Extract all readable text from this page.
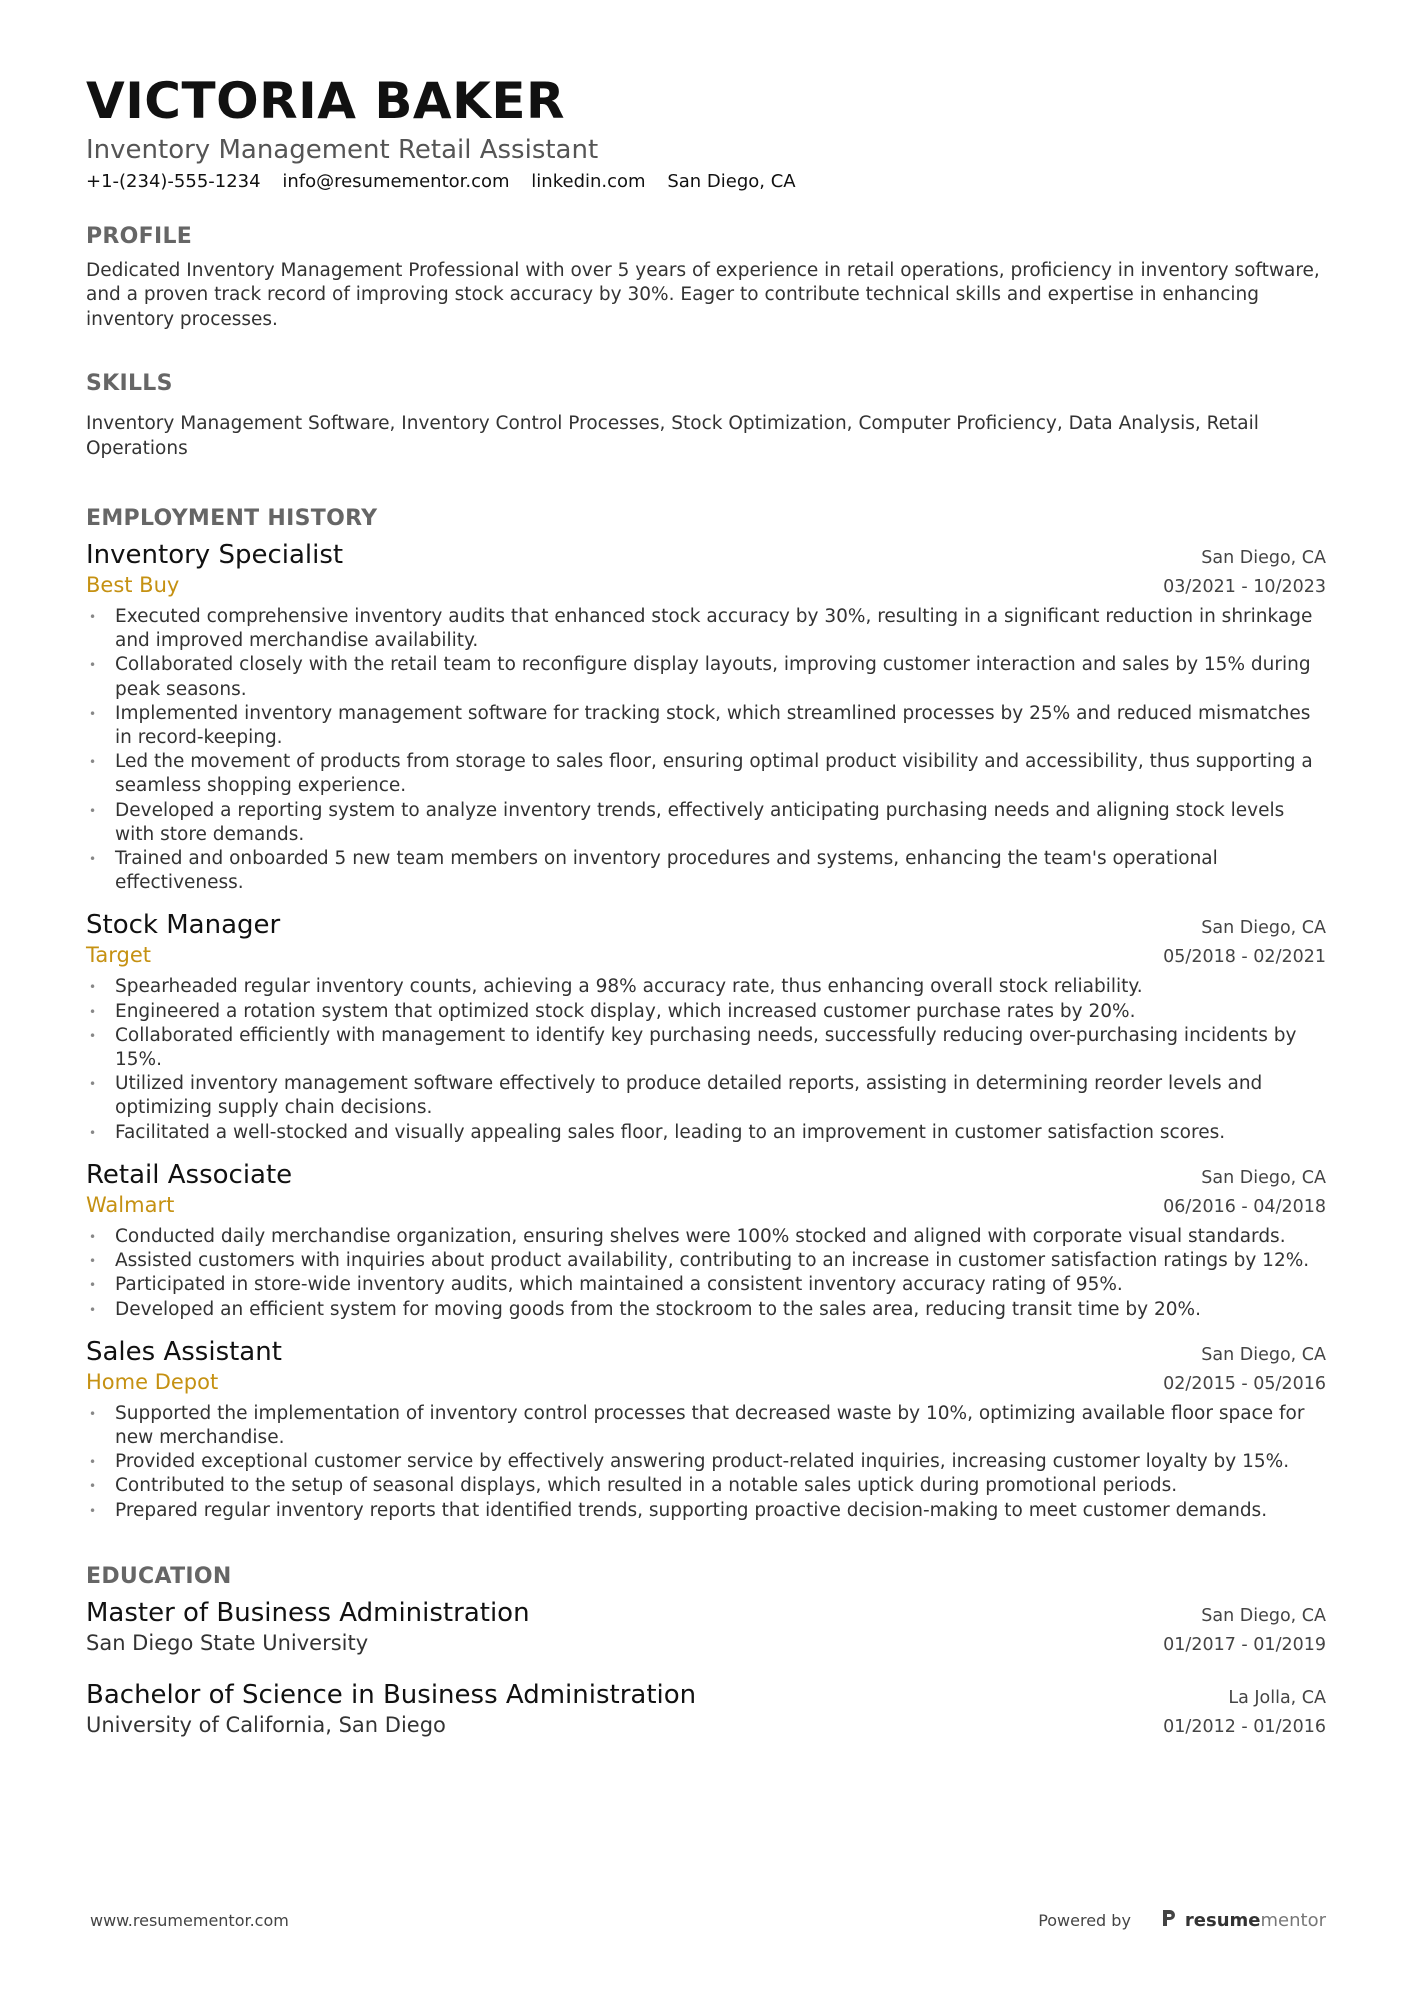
VICTORIA BAKER
Inventory Management Retail Assistant
+1-(234)-555-1234 info@resumementor.com linkedin.com San Diego, CA
PROFILE
Dedicated Inventory Management Professional with over 5 years of experience in retail operations, proficiency in inventory software, and a proven track record of improving stock accuracy by 30%. Eager to contribute technical skills and expertise in enhancing inventory processes.
SKILLS
Inventory Management Software, Inventory Control Processes, Stock Optimization, Computer Proficiency, Data Analysis, Retail Operations
EMPLOYMENT HISTORY
Inventory Specialist	San Diego, CA
Best Buy	03/2021 - 10/2023
• Executed comprehensive inventory audits that enhanced stock accuracy by 30%, resulting in a significant reduction in shrinkage and improved merchandise availability.
• Collaborated closely with the retail team to reconfigure display layouts, improving customer interaction and sales by 15% during peak seasons.
• Implemented inventory management software for tracking stock, which streamlined processes by 25% and reduced mismatches in record-keeping.
• Led the movement of products from storage to sales floor, ensuring optimal product visibility and accessibility, thus supporting a seamless shopping experience.
• Developed a reporting system to analyze inventory trends, effectively anticipating purchasing needs and aligning stock levels with store demands.
• Trained and onboarded 5 new team members on inventory procedures and systems, enhancing the team's operational effectiveness.
Stock Manager	San Diego, CA
Target	05/2018 - 02/2021
• Spearheaded regular inventory counts, achieving a 98% accuracy rate, thus enhancing overall stock reliability.
• Engineered a rotation system that optimized stock display, which increased customer purchase rates by 20%.
• Collaborated efficiently with management to identify key purchasing needs, successfully reducing over-purchasing incidents by 15%.
• Utilized inventory management software effectively to produce detailed reports, assisting in determining reorder levels and optimizing supply chain decisions.
• Facilitated a well-stocked and visually appealing sales floor, leading to an improvement in customer satisfaction scores.
Retail Associate	San Diego, CA
Walmart	06/2016 - 04/2018
• Conducted daily merchandise organization, ensuring shelves were 100% stocked and aligned with corporate visual standards.
• Assisted customers with inquiries about product availability, contributing to an increase in customer satisfaction ratings by 12%.
• Participated in store-wide inventory audits, which maintained a consistent inventory accuracy rating of 95%.
• Developed an efficient system for moving goods from the stockroom to the sales area, reducing transit time by 20%.
Sales Assistant	San Diego, CA
Home Depot	02/2015 - 05/2016
• Supported the implementation of inventory control processes that decreased waste by 10%, optimizing available floor space for new merchandise.
• Provided exceptional customer service by effectively answering product-related inquiries, increasing customer loyalty by 15%.
• Contributed to the setup of seasonal displays, which resulted in a notable sales uptick during promotional periods.
• Prepared regular inventory reports that identified trends, supporting proactive decision-making to meet customer demands.
EDUCATION
Master of Business Administration	San Diego, CA
San Diego State University	01/2017 - 01/2019
Bachelor of Science in Business Administration	La Jolla, CA
University of California, San Diego	01/2012 - 01/2016
www.resumementor.com	Powered by	resumementor
